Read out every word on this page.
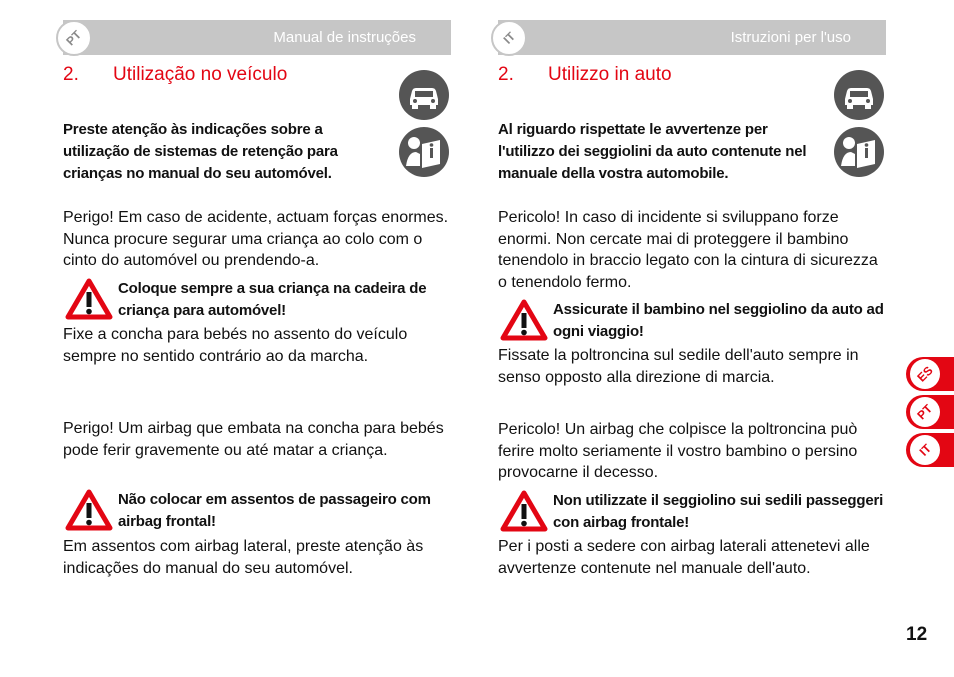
PT	Manual de instruções
2. Utilização no veículo
Preste atenção às indicações sobre a utilização de sistemas de retenção para crianças no manual do seu automóvel.
Perigo! Em caso de acidente, actuam forças enormes. Nunca procure segurar uma criança ao colo com o cinto do automóvel ou prendendo-a.
Coloque sempre a sua criança na cadeira de criança para automóvel!
Fixe a concha para bebés no assento do veículo sempre no sentido contrário ao da marcha.
Perigo! Um airbag que embata na concha para bebés pode ferir gravemente ou até matar a criança.
Não colocar em assentos de passageiro com airbag frontal!
Em assentos com airbag lateral, preste atenção às indicações do manual do seu automóvel.
IT	Istruzioni per l'uso
2. Utilizzo in auto
Al riguardo rispettate le avvertenze per l'utilizzo dei seggiolini da auto contenute nel manuale della vostra automobile.
Pericolo! In caso di incidente si sviluppano forze enormi. Non cercate mai di proteggere il bambino tenendolo in braccio legato con la cintura di sicurezza o tenendolo fermo.
Assicurate il bambino nel seggiolino da auto ad ogni viaggio!
Fissate la poltroncina sul sedile dell'auto sempre in senso opposto alla direzione di marcia.
Pericolo! Un airbag che colpisce la poltroncina può ferire molto seriamente il vostro bambino o persino provocarne il decesso.
Non utilizzate il seggiolino sui sedili passeggeri con airbag frontale!
Per i posti a sedere con airbag laterali attenetevi alle avvertenze contenute nel manuale dell'auto.
ES
PT
IT
12
